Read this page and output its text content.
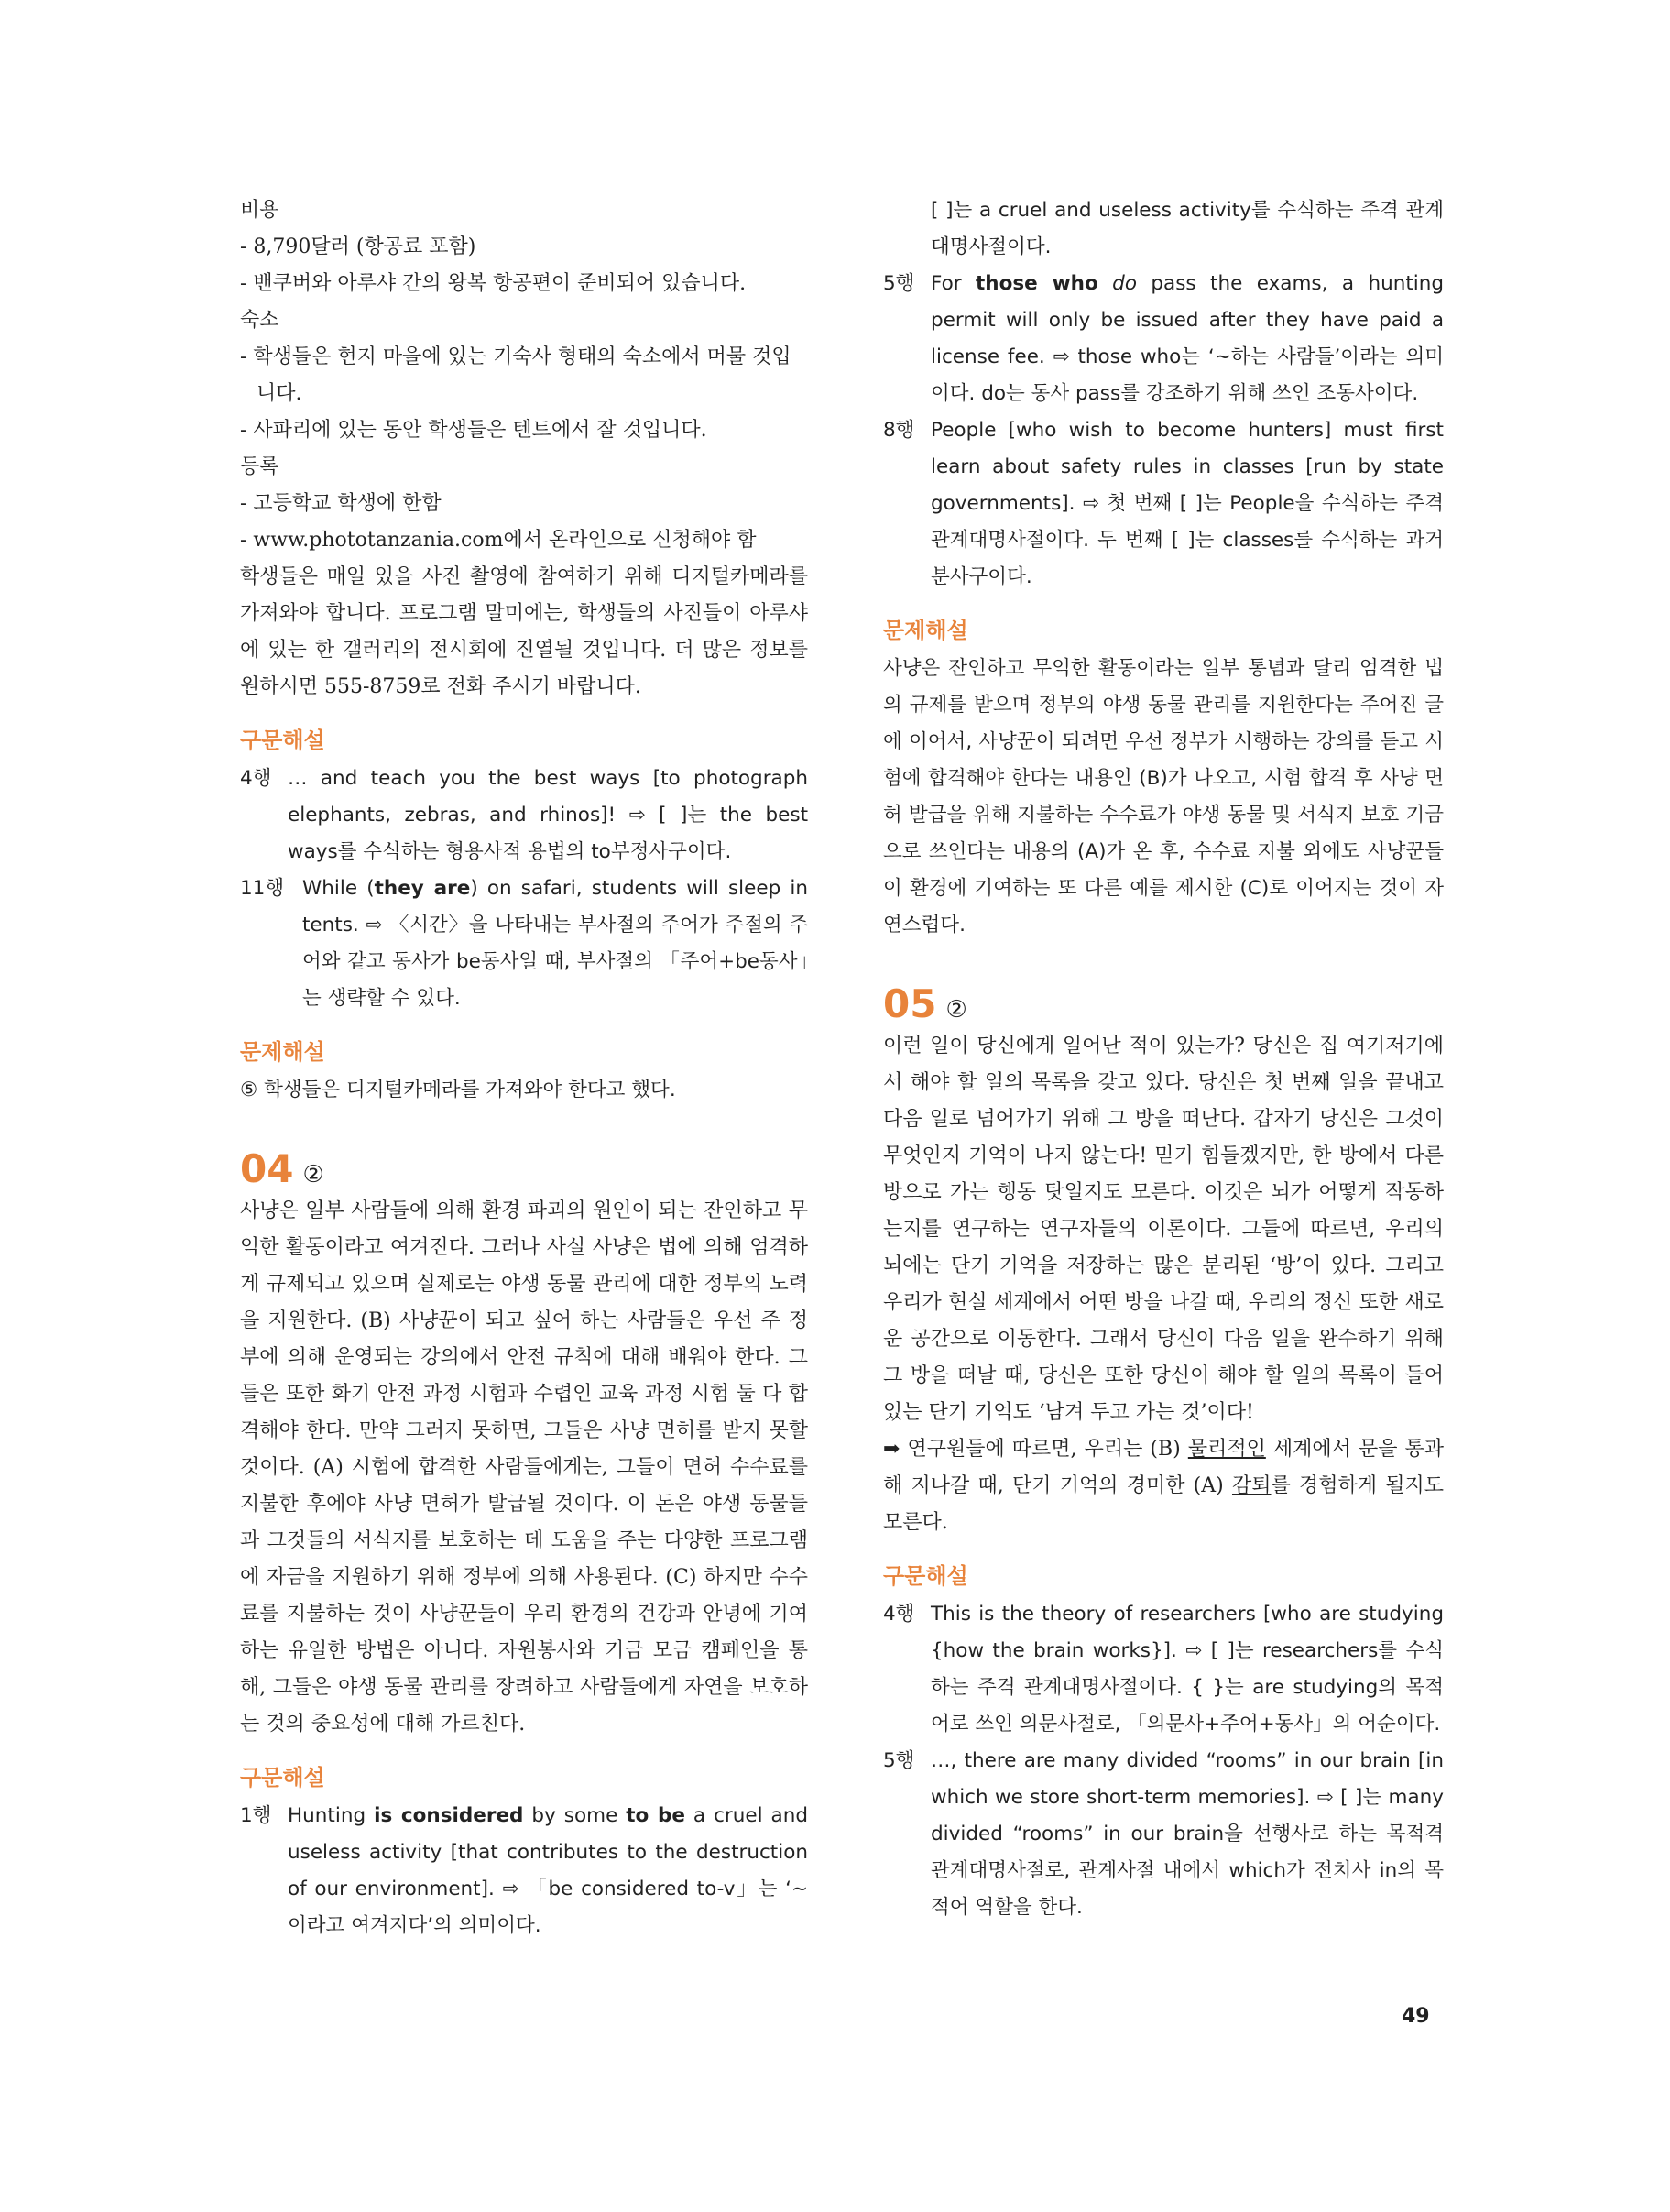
비용

- 8,790달러 (항공료 포함)

- 밴쿠버와 아루샤 간의 왕복 항공편이 준비되어 있습니다.

숙소

- 학생들은 현지 마을에 있는 기숙사 형태의 숙소에서 머물 것입니다.

- 사파리에 있는 동안 학생들은 텐트에서 잘 것입니다.

등록

- 고등학교 학생에 한함

- www.phototanzania.com에서 온라인으로 신청해야 함

학생들은 매일 있을 사진 촬영에 참여하기 위해 디지털카메라를 가져와야 합니다. 프로그램 말미에는, 학생들의 사진들이 아루샤에 있는 한 갤러리의 전시회에 진열될 것입니다. 더 많은 정보를 원하시면 555-8759로 전화 주시기 바랍니다.

구문해설
4행 … and teach you the best ways [to photograph elephants, zebras, and rhinos]! ⇨ [ ]는 the best ways를 수식하는 형용사적 용법의 to부정사구이다.
11행 While (they are) on safari, students will sleep in tents. ⇨ 〈시간〉을 나타내는 부사절의 주어가 주절의 주어와 같고 동사가 be동사일 때, 부사절의 「주어+be동사」는 생략할 수 있다.
문제해설
⑤ 학생들은 디지털카메라를 가져와야 한다고 했다.
04 ②
사냥은 일부 사람들에 의해 환경 파괴의 원인이 되는 잔인하고 무익한 활동이라고 여겨진다. 그러나 사실 사냥은 법에 의해 엄격하게 규제되고 있으며 실제로는 야생 동물 관리에 대한 정부의 노력을 지원한다. (B) 사냥꾼이 되고 싶어 하는 사람들은 우선 주 정부에 의해 운영되는 강의에서 안전 규칙에 대해 배워야 한다. 그들은 또한 화기 안전 과정 시험과 수렵인 교육 과정 시험 둘 다 합격해야 한다. 만약 그러지 못하면, 그들은 사냥 면허를 받지 못할 것이다. (A) 시험에 합격한 사람들에게는, 그들이 면허 수수료를 지불한 후에야 사냥 면허가 발급될 것이다. 이 돈은 야생 동물들과 그것들의 서식지를 보호하는 데 도움을 주는 다양한 프로그램에 자금을 지원하기 위해 정부에 의해 사용된다. (C) 하지만 수수료를 지불하는 것이 사냥꾼들이 우리 환경의 건강과 안녕에 기여하는 유일한 방법은 아니다. 자원봉사와 기금 모금 캠페인을 통해, 그들은 야생 동물 관리를 장려하고 사람들에게 자연을 보호하는 것의 중요성에 대해 가르친다.
구문해설
1행 Hunting is considered by some to be a cruel and useless activity [that contributes to the destruction of our environment]. ⇨ 「be considered to-v」는 ‘~이라고 여겨지다’의 의미이다.
[ ]는 a cruel and useless activity를 수식하는 주격 관계대명사절이다.
5행 For those who do pass the exams, a hunting permit will only be issued after they have paid a license fee. ⇨ those who는 ‘~하는 사람들’이라는 의미이다. do는 동사 pass를 강조하기 위해 쓰인 조동사이다.
8행 People [who wish to become hunters] must first learn about safety rules in classes [run by state governments]. ⇨ 첫 번째 [ ]는 People을 수식하는 주격 관계대명사절이다. 두 번째 [ ]는 classes를 수식하는 과거분사구이다.
문제해설
사냥은 잔인하고 무익한 활동이라는 일부 통념과 달리 엄격한 법의 규제를 받으며 정부의 야생 동물 관리를 지원한다는 주어진 글에 이어서, 사냥꾼이 되려면 우선 정부가 시행하는 강의를 듣고 시험에 합격해야 한다는 내용인 (B)가 나오고, 시험 합격 후 사냥 면허 발급을 위해 지불하는 수수료가 야생 동물 및 서식지 보호 기금으로 쓰인다는 내용의 (A)가 온 후, 수수료 지불 외에도 사냥꾼들이 환경에 기여하는 또 다른 예를 제시한 (C)로 이어지는 것이 자연스럽다.
05 ②
이런 일이 당신에게 일어난 적이 있는가? 당신은 집 여기저기에서 해야 할 일의 목록을 갖고 있다. 당신은 첫 번째 일을 끝내고 다음 일로 넘어가기 위해 그 방을 떠난다. 갑자기 당신은 그것이 무엇인지 기억이 나지 않는다! 믿기 힘들겠지만, 한 방에서 다른 방으로 가는 행동 탓일지도 모른다. 이것은 뇌가 어떻게 작동하는지를 연구하는 연구자들의 이론이다. 그들에 따르면, 우리의 뇌에는 단기 기억을 저장하는 많은 분리된 ‘방’이 있다. 그리고 우리가 현실 세계에서 어떤 방을 나갈 때, 우리의 정신 또한 새로운 공간으로 이동한다. 그래서 당신이 다음 일을 완수하기 위해 그 방을 떠날 때, 당신은 또한 당신이 해야 할 일의 목록이 들어 있는 단기 기억도 ‘남겨 두고 가는 것’이다!
➡ 연구원들에 따르면, 우리는 (B) 물리적인 세계에서 문을 통과해 지나갈 때, 단기 기억의 경미한 (A) 감퇴를 경험하게 될지도 모른다.
구문해설
4행 This is the theory of researchers [who are studying {how the brain works}]. ⇨ [ ]는 researchers를 수식하는 주격 관계대명사절이다. { }는 are studying의 목적어로 쓰인 의문사절로, 「의문사+주어+동사」의 어순이다.
5행 …, there are many divided “rooms” in our brain [in which we store short-term memories]. ⇨ [ ]는 many divided “rooms” in our brain을 선행사로 하는 목적격 관계대명사절로, 관계사절 내에서 which가 전치사 in의 목적어 역할을 한다.
49
